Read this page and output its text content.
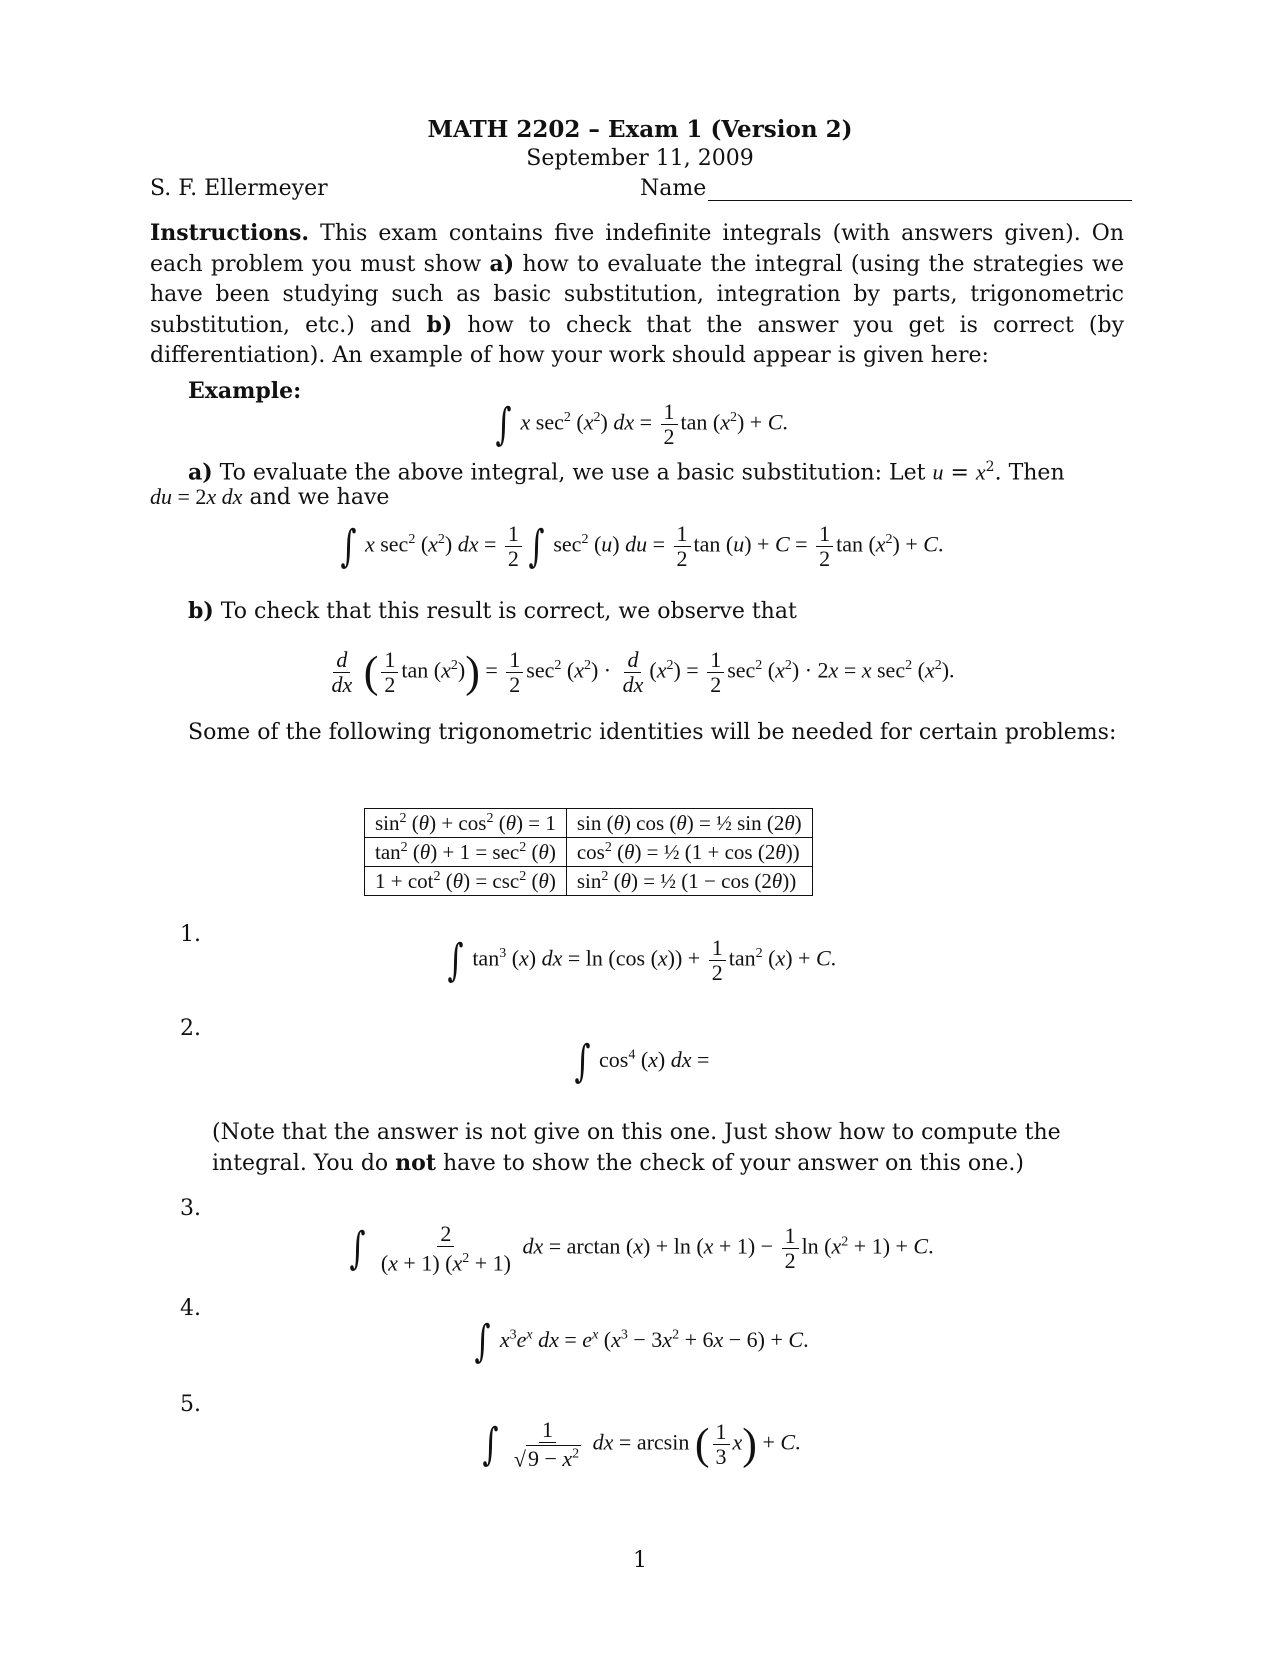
MATH 2202 – Exam 1 (Version 2)
September 11, 2009
S. F. Ellermeyer	Name
Instructions. This exam contains five indefinite integrals (with answers given). On each problem you must show a) how to evaluate the integral (using the strategies we have been studying such as basic substitution, integration by parts, trigonometric substitution, etc.) and b) how to check that the answer you get is correct (by differentiation). An example of how your work should appear is given here:
Example:
∫ x $\sec^2 (x^2)$ dx = $\frac{1}{2}$ $\tan (x^2) + C$.
a) To evaluate the above integral, we use a basic substitution: Let $u = x^2$. Then
du = 2x dx and we have
∫ x $\sec^2 (x^2)$ dx = $\frac{1}{2}$ ∫ $\sec^2 (u)$ du = $\frac{1}{2}$ $\tan (u) + C = \frac{1}{2}$ $\tan (x^2) + C$.
b) To check that this result is correct, we observe that
$\frac{d}{dx}$ ( $\frac{1}{2}$ $\tan (x^2)) = \frac{1}{2} \sec^2 (x^2) \cdot \frac{d}{dx} (x^2) = \frac{1}{2} \sec^2 (x^2) \cdot 2x = x$ $\sec^2 (x^2)$.
Some of the following trigonometric identities will be needed for certain problems:
$\sin^2 (\theta) + \cos^2 (\theta) = 1$	sin (θ) cos (θ) = ½ sin (2θ)
$\tan^2 (\theta) + 1 = \sec^2 (\theta)$	$\cos^2 (\theta)$ = ½ (1 + cos (2θ))
$1 + \cot^2 (\theta) = \csc^2 (\theta)$	$\sin^2 (\theta)$ = ½ (1 − cos (2θ))
1.	∫ $\tan^3 (x)$ dx = ln (cos $(x)) + \frac{1}{2} \tan^2 (x) + C$.
2.
∫ $\cos^4 (x)$ dx =
(Note that the answer is not give on this one. Just show how to compute the integral. You do not have to show the check of your answer on this one.)
3.
∫ $\frac{2}{(x + 1) (x^2 + 1)}$ dx = $\arctan (x) + \ln (x + 1) - \frac{1}{2}$ $\ln (x^2 + 1) + C$.
4.
∫ $x^3e^x$ dx = $e^x$ $(x^3 - 3x^2 + 6x - 6) + C$.
5.
∫ $\frac{1}{√9 - x^2}$ dx = arcsin ( $\frac{1}{3} x) + C$.
1
